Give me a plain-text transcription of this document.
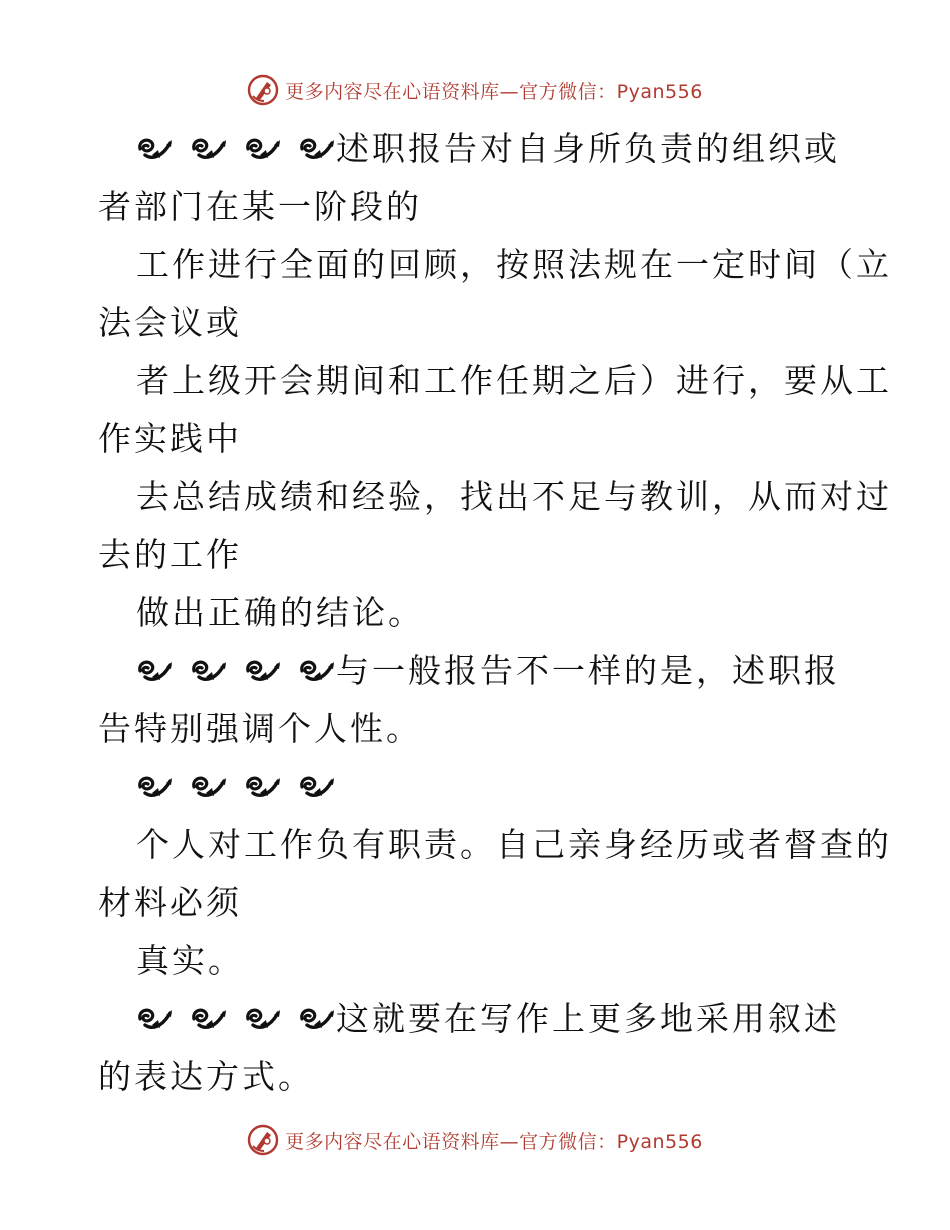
更多内容尽在心语资料库—官方微信：Pyan556
述职报告对自身所负责的组织或
者部门在某一阶段的
工作进行全面的回顾，按照法规在一定时间（立
法会议或
者上级开会期间和工作任期之后）进行，要从工
作实践中
去总结成绩和经验，找出不足与教训，从而对过
去的工作
做出正确的结论。
与一般报告不一样的是，述职报
告特别强调个人性。
个人对工作负有职责。自己亲身经历或者督查的
材料必须
真实。
这就要在写作上更多地采用叙述
的表达方式。
更多内容尽在心语资料库—官方微信：Pyan556
